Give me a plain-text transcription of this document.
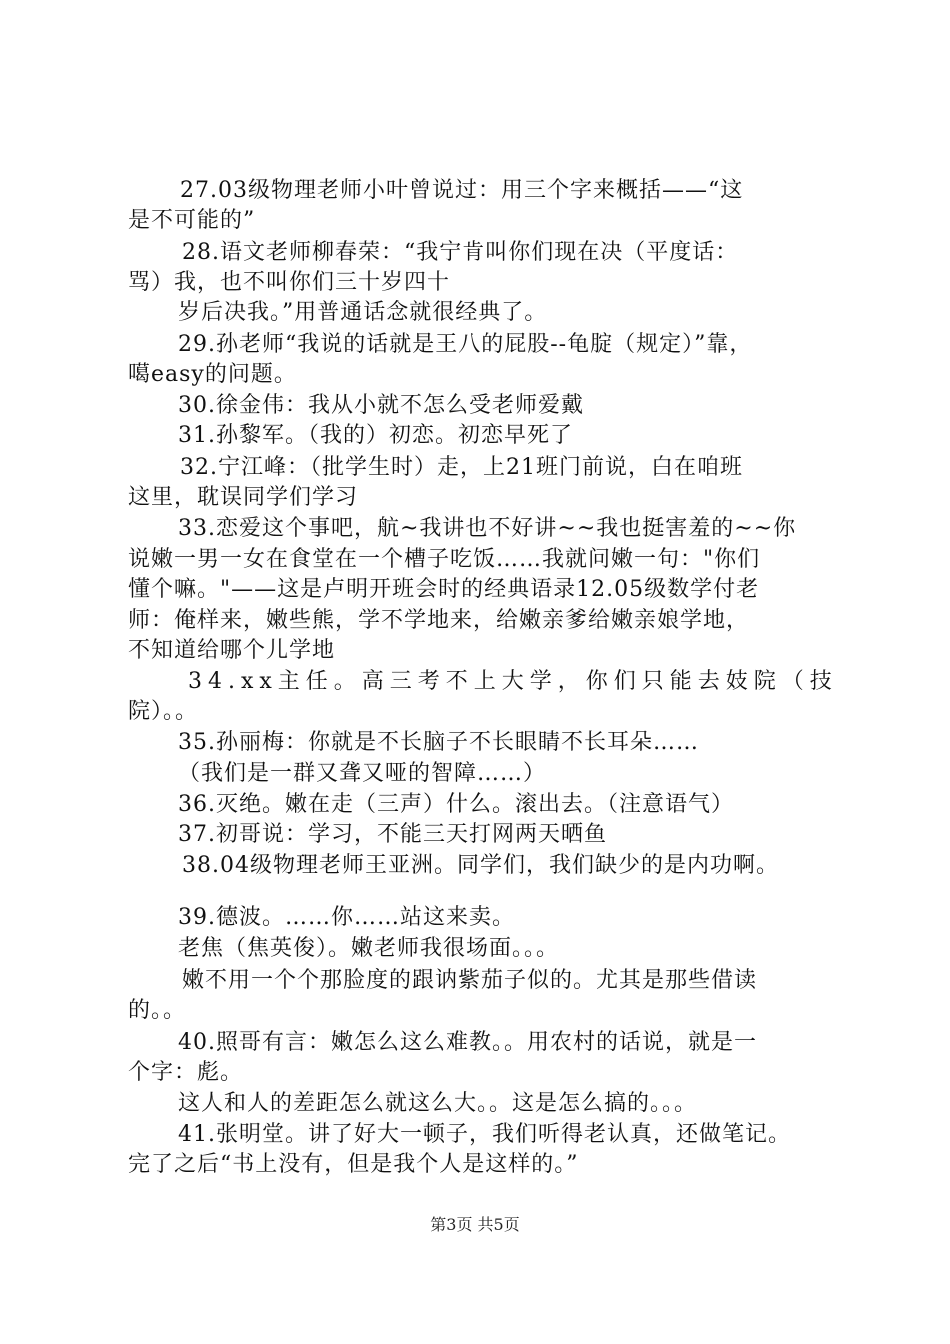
27.03级物理老师小叶曾说过：用三个字来概括——“这
是不可能的”
28.语文老师柳春荣：“我宁肯叫你们现在决（平度话：
骂）我，也不叫你们三十岁四十
岁后决我。”用普通话念就很经典了。
29.孙老师“我说的话就是王八的屁股--龟腚（规定）”靠，
噶easy的问题。
30.徐金伟：我从小就不怎么受老师爱戴
31.孙黎军。（我的）初恋。初恋早死了
32.宁江峰：（批学生时）走，上21班门前说，白在咱班
这里，耽误同学们学习
33.恋爱这个事吧，航~我讲也不好讲~~我也挺害羞的~~你
说嫩一男一女在食堂在一个槽子吃饭……我就问嫩一句："你们
懂个嘛。"——这是卢明开班会时的经典语录12.05级数学付老
师：俺样来，嫩些熊，学不学地来，给嫩亲爹给嫩亲娘学地，
不知道给哪个儿学地
34.xx主任。高三考不上大学，你们只能去妓院（技
院）。。
35.孙丽梅：你就是不长脑子不长眼睛不长耳朵……
（我们是一群又聋又哑的智障……）
36.灭绝。嫩在走（三声）什么。滚出去。（注意语气）
37.初哥说：学习，不能三天打网两天晒鱼
38.04级物理老师王亚洲。同学们，我们缺少的是内功啊。
39.德波。……你……站这来卖。
老焦（焦英俊）。嫩老师我很场面。。。
嫩不用一个个那脸度的跟讷紫茄子似的。尤其是那些借读
的。。
40.照哥有言：嫩怎么这么难教。。用农村的话说，就是一
个字：彪。
这人和人的差距怎么就这么大。。这是怎么搞的。。。
41.张明堂。讲了好大一顿子，我们听得老认真，还做笔记。
完了之后“书上没有，但是我个人是这样的。”
第3页 共5页
